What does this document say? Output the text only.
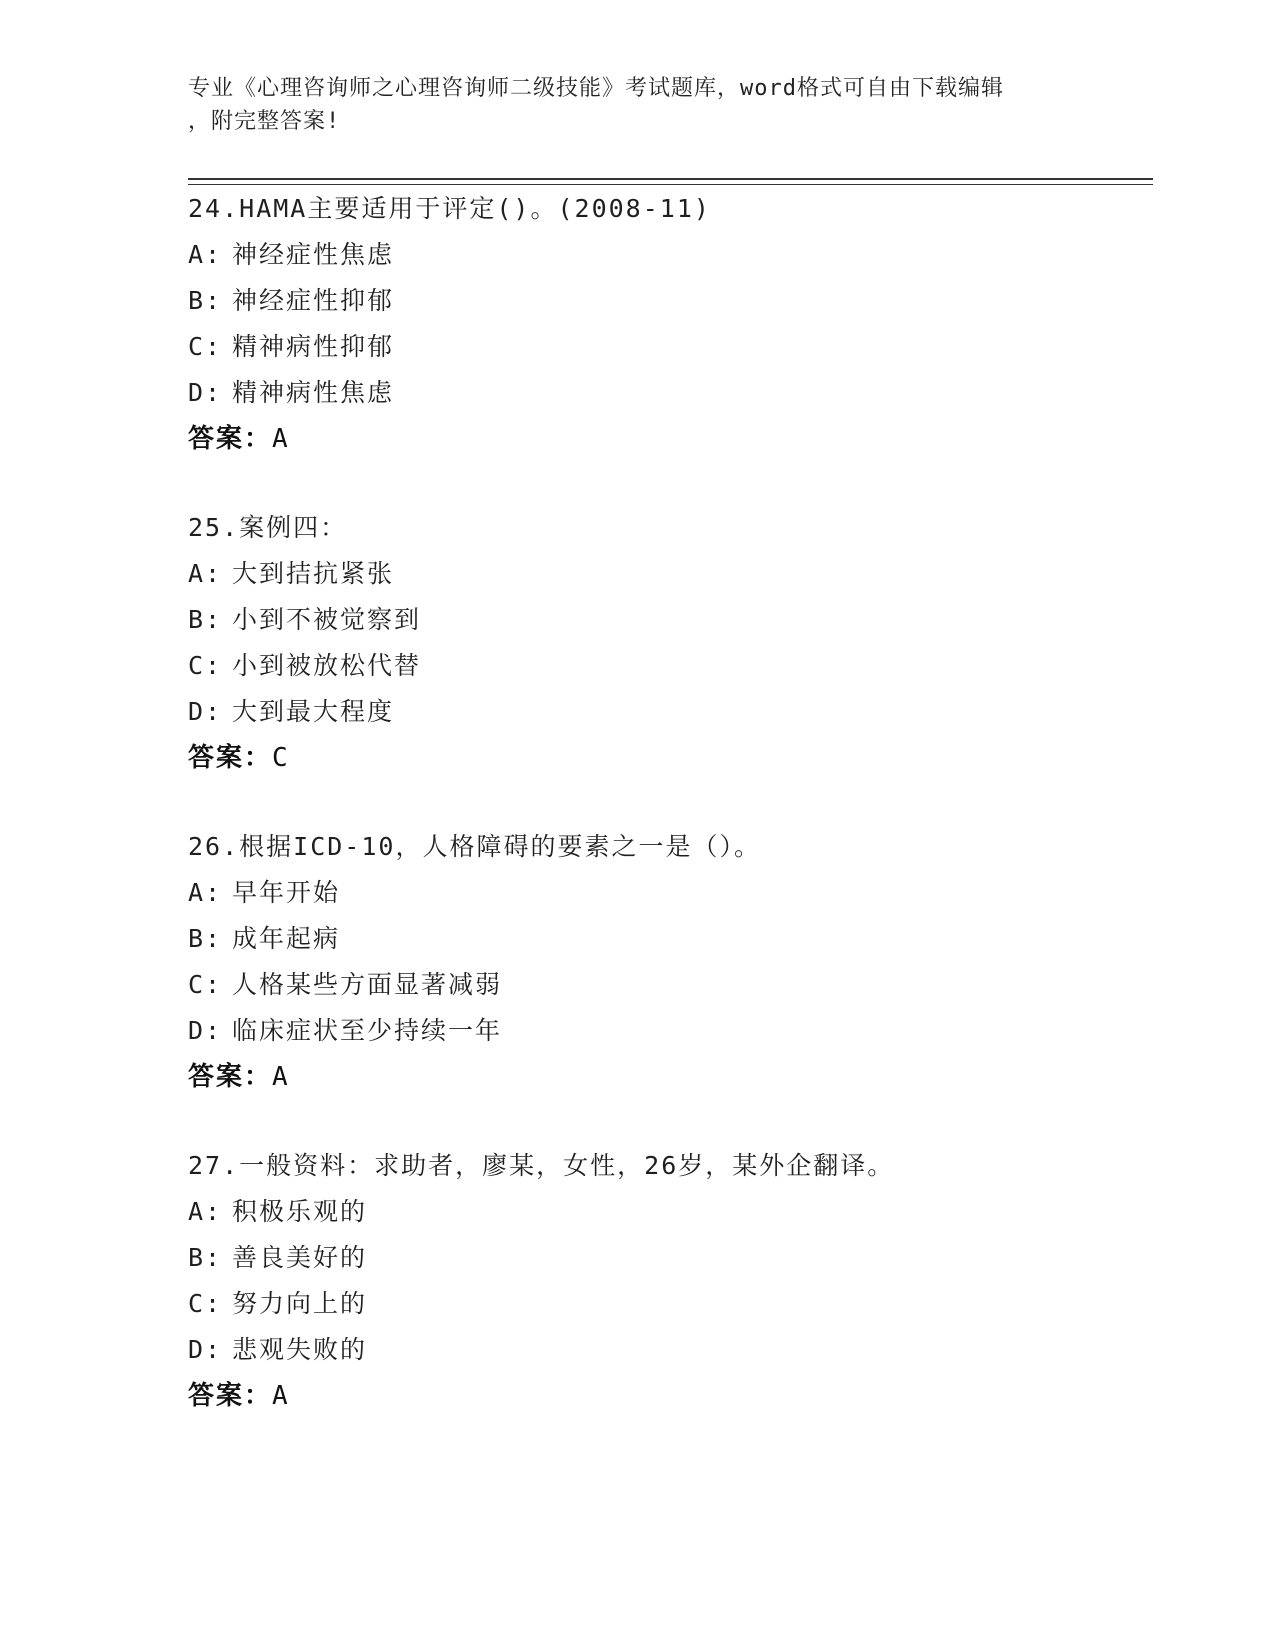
专业《心理咨询师之心理咨询师二级技能》考试题库，word格式可自由下载编辑
，附完整答案!
24.HAMA主要适用于评定()。(2008-11)
A: 神经症性焦虑
B: 神经症性抑郁
C: 精神病性抑郁
D: 精神病性焦虑
答案：A
25.案例四：
A: 大到拮抗紧张
B: 小到不被觉察到
C: 小到被放松代替
D: 大到最大程度
答案：C
26.根据ICD-10，人格障碍的要素之一是（）。
A: 早年开始
B: 成年起病
C: 人格某些方面显著减弱
D: 临床症状至少持续一年
答案：A
27.一般资料：求助者，廖某，女性，26岁，某外企翻译。
A: 积极乐观的
B: 善良美好的
C: 努力向上的
D: 悲观失败的
答案：A
